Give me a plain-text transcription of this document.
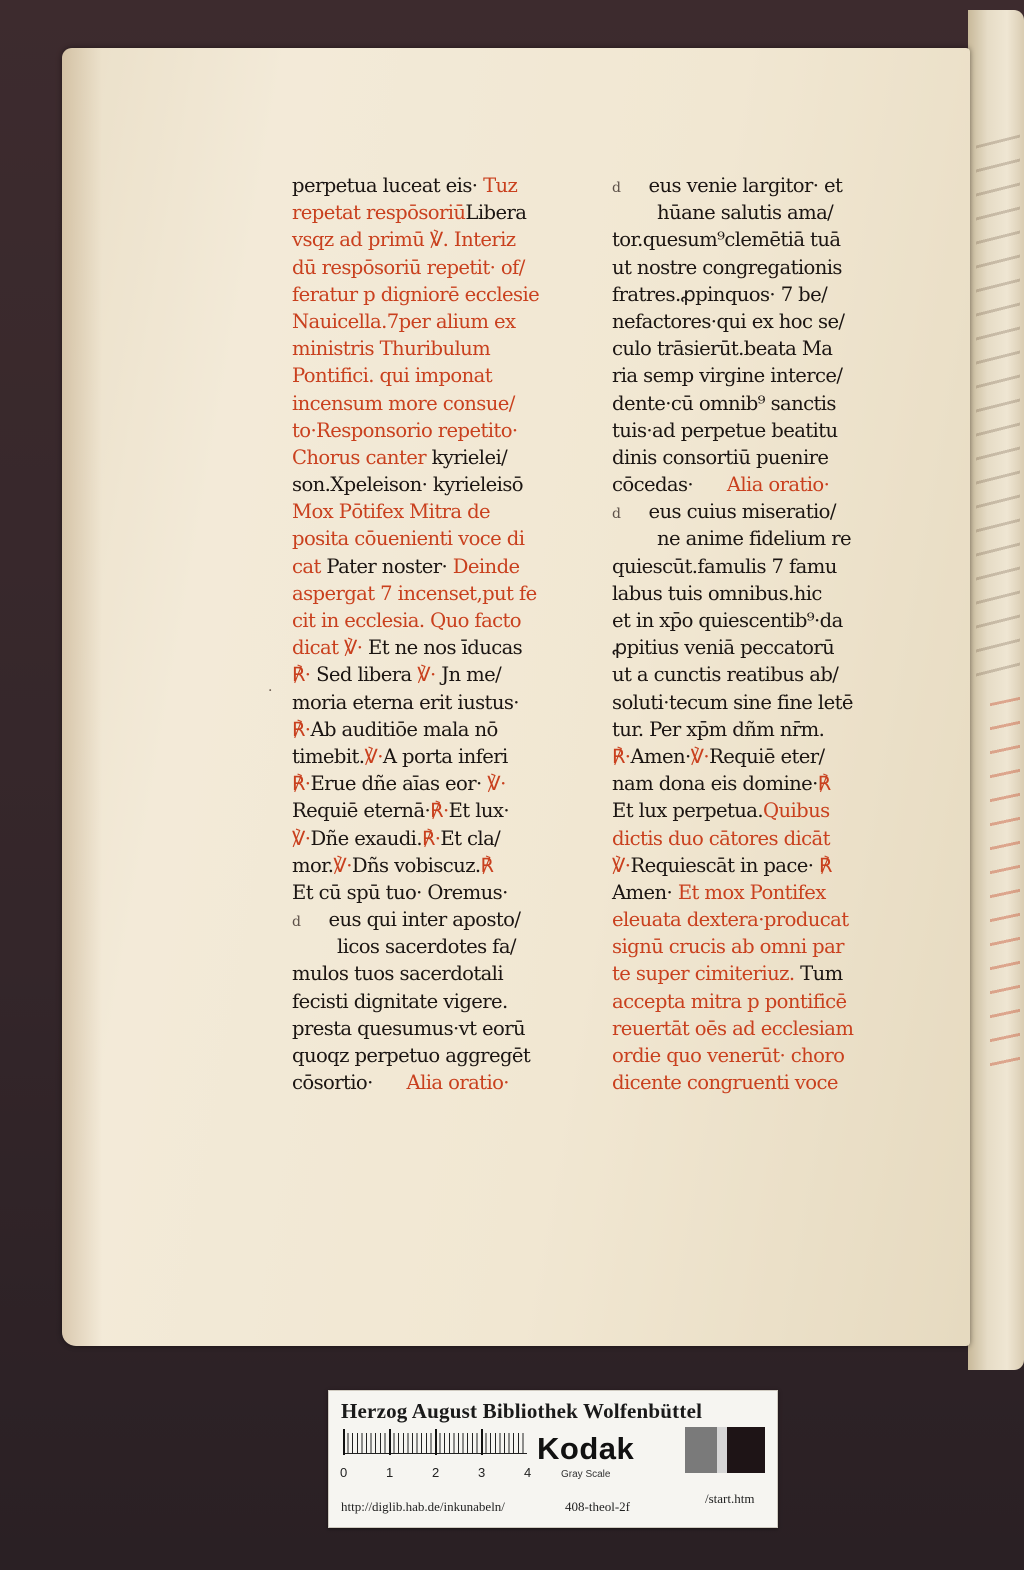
perpetua luceat eis· Tuz
repetat respōsoriūLibera
vsqz ad primū ℣. Interiz
dū respōsoriū repetit· of/
feratur p digniorē ecclesie
Nauicella.7per alium ex
ministris Thuribulum
Pontifici. qui imponat
incensum more consue/
to·Responsorio repetito·
Chorus canter kyrielei/
son.Xpeleison· kyrieleisō
Mox Pōtifex Mitra de
posita cōuenienti voce di
cat Pater noster· Deinde
aspergat 7 incenset,put fe
cit in ecclesia. Quo facto
dicat ℣· Et ne nos īducas
℟· Sed libera ℣· Jn me/
moria eterna erit iustus·
℟·Ab auditiōe mala nō
timebit.℣·A porta inferi
℟·Erue dñe aīas eor· ℣·
Requiē eternā·℟·Et lux·
℣·Dñe exaudi.℟·Et cla/
mor.℣·Dñs vobiscuz.℟
Et cū spū tuo· Oremus·
d     eus qui inter aposto/
licos sacerdotes fa/
mulos tuos sacerdotali
fecisti dignitate vigere.
presta quesumus·vt eorū
quoqz perpetuo aggregēt
cōsortio·      Alia oratio·
d     eus venie largitor· et
hūane salutis ama/
tor.quesum⁹clemētiā tuā
ut nostre congregationis
fratres.ꝓpinquos· 7 be/
nefactores·qui ex hoc se/
culo trāsierūt.beata Ma
ria semp virgine interce/
dente·cū omnib⁹ sanctis
tuis·ad perpetue beatitu
dinis consortiū puenire
cōcedas·      Alia oratio·
d     eus cuius miseratio/
ne anime fidelium re
quiescūt.famulis 7 famu
labus tuis omnibus.hic
et in xp̄o quiescentib⁹·da
ꝓpitius veniā peccatorū
ut a cunctis reatibus ab/
soluti·tecum sine fine letē
tur. Per xp̄m dñm nr̄m.
℟·Amen·℣·Requiē eter/
nam dona eis domine·℟
Et lux perpetua.Quibus
dictis duo cātores dicāt
℣·Requiescāt in pace· ℟
Amen· Et mox Pontifex
eleuata dextera·producat
signū crucis ab omni par
te super cimiteriuz. Tum
accepta mitra p pontificē
reuertāt oēs ad ecclesiam
ordie quo venerūt· choro
dicente congruenti voce
·
Herzog August Bibliothek Wolfenbüttel
0	1	2	3	4
Kodak
Gray Scale
http://diglib.hab.de/inkunabeln/	408-theol-2f
/start.htm
